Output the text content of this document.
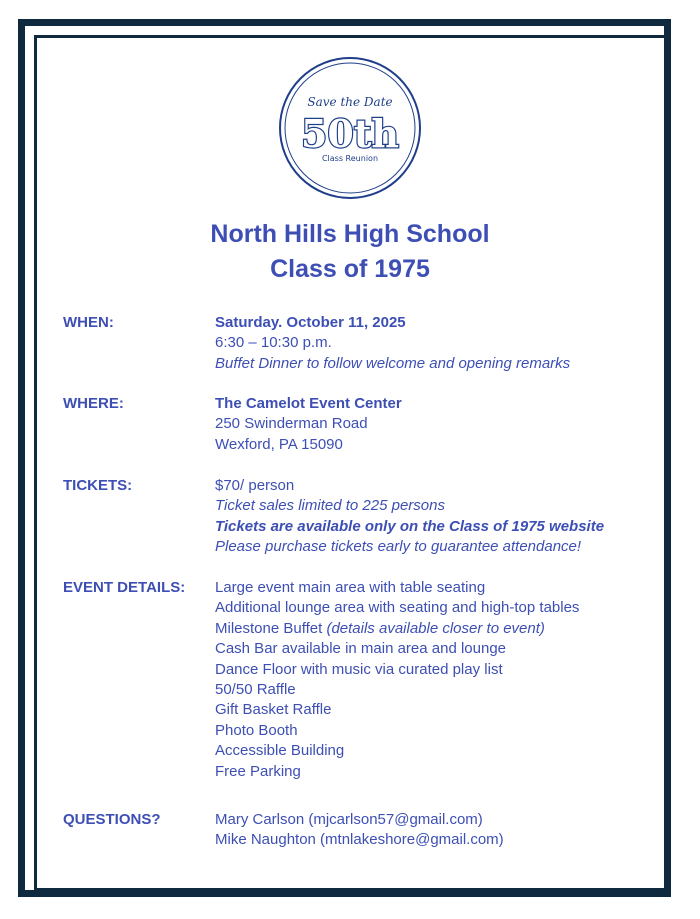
Save the Date
50th
Class Reunion
North Hills High School
Class of 1975
WHEN:	Saturday. October 11, 2025
6:30 – 10:30 p.m.
Buffet Dinner to follow welcome and opening remarks
WHERE:	The Camelot Event Center
250 Swinderman Road
Wexford, PA 15090
TICKETS:	$70/ person
Ticket sales limited to 225 persons
Tickets are available only on the Class of 1975 website
Please purchase tickets early to guarantee attendance!
EVENT DETAILS: Large event main area with table seating
Additional lounge area with seating and high-top tables
Milestone Buffet (details available closer to event)
Cash Bar available in main area and lounge
Dance Floor with music via curated play list
50/50 Raffle
Gift Basket Raffle
Photo Booth
Accessible Building
Free Parking
QUESTIONS?	Mary Carlson (mjcarlson57@gmail.com)
Mike Naughton (mtnlakeshore@gmail.com)
